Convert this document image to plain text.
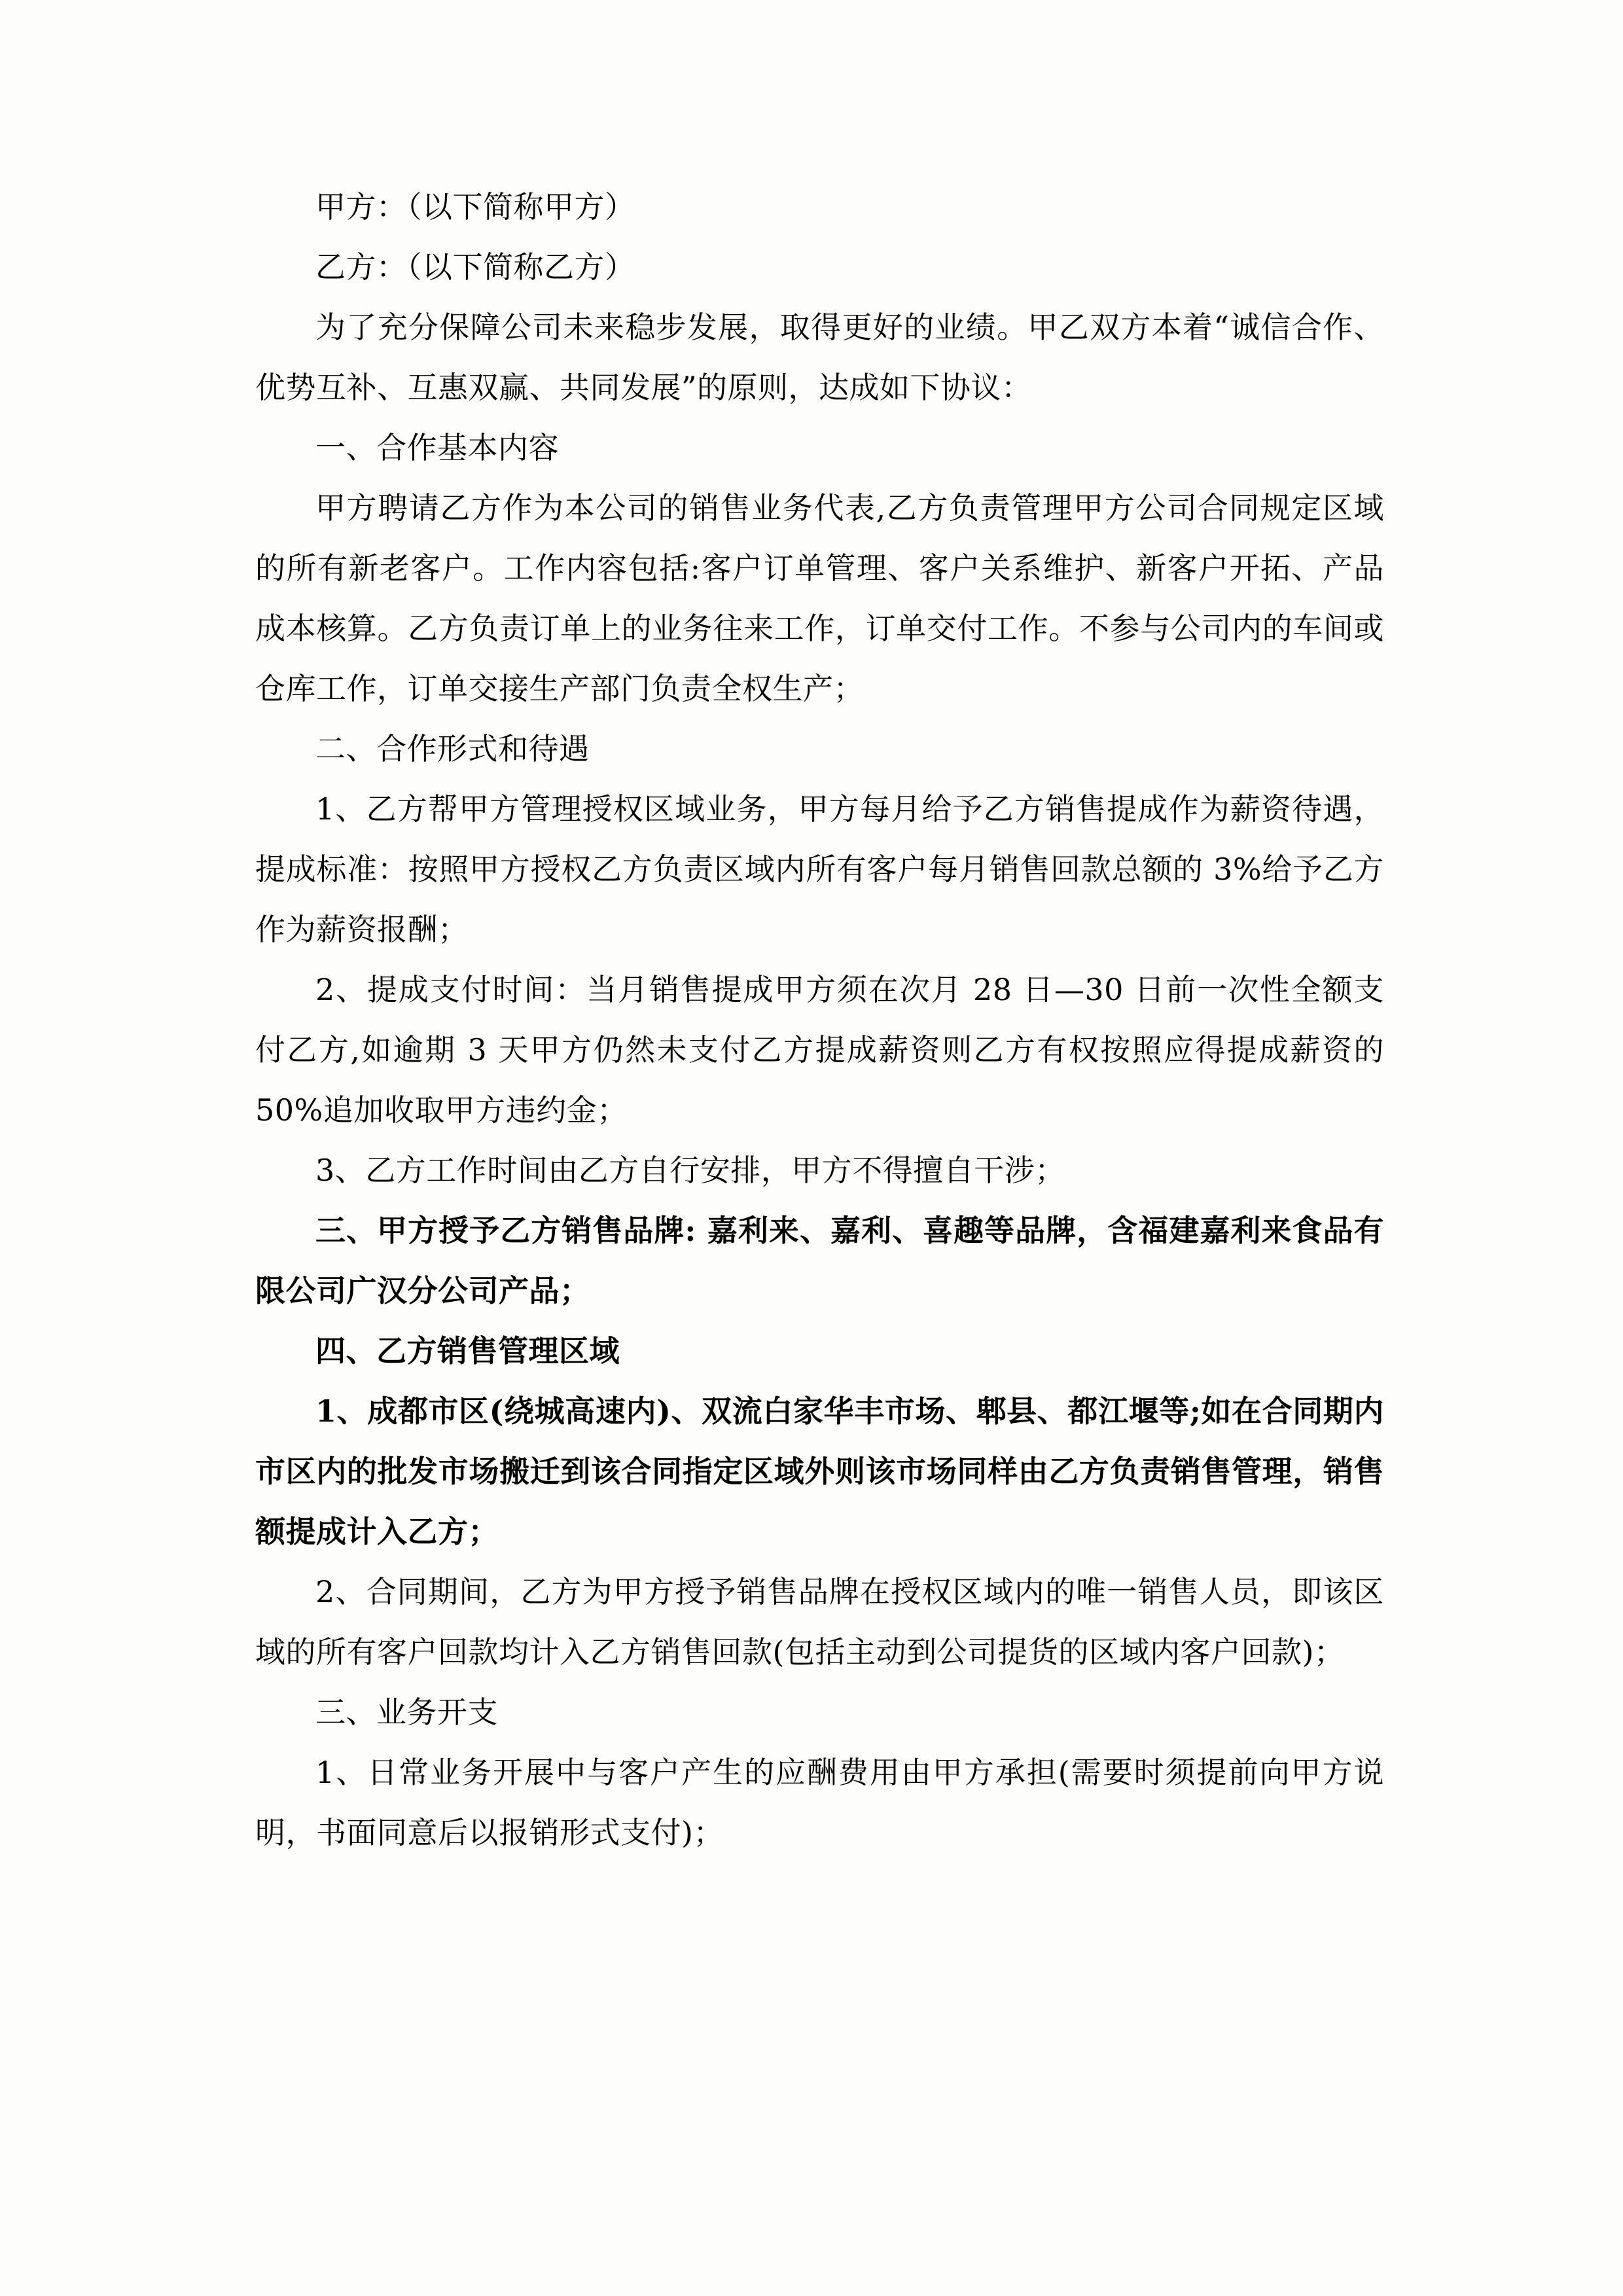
甲方：（以下简称甲方）

乙方：（以下简称乙方）

为了充分保障公司未来稳步发展，取得更好的业绩。甲乙双方本着“诚信合作、优势互补、互惠双赢、共同发展”的原则，达成如下协议：

一、合作基本内容

甲方聘请乙方作为本公司的销售业务代表,乙方负责管理甲方公司合同规定区域的所有新老客户。工作内容包括:客户订单管理、客户关系维护、新客户开拓、产品成本核算。乙方负责订单上的业务往来工作，订单交付工作。不参与公司内的车间或仓库工作，订单交接生产部门负责全权生产；

二、合作形式和待遇

1、乙方帮甲方管理授权区域业务，甲方每月给予乙方销售提成作为薪资待遇，提成标准：按照甲方授权乙方负责区域内所有客户每月销售回款总额的 3%给予乙方作为薪资报酬；

2、提成支付时间：当月销售提成甲方须在次月 28 日—30 日前一次性全额支付乙方,如逾期 3 天甲方仍然未支付乙方提成薪资则乙方有权按照应得提成薪资的 50%追加收取甲方违约金；

3、乙方工作时间由乙方自行安排，甲方不得擅自干涉；

三、甲方授予乙方销售品牌: 嘉利来、嘉利、喜趣等品牌，含福建嘉利来食品有限公司广汉分公司产品；

四、乙方销售管理区域

1、成都市区(绕城高速内)、双流白家华丰市场、郫县、都江堰等;如在合同期内市区内的批发市场搬迁到该合同指定区域外则该市场同样由乙方负责销售管理，销售额提成计入乙方；

2、合同期间，乙方为甲方授予销售品牌在授权区域内的唯一销售人员，即该区域的所有客户回款均计入乙方销售回款(包括主动到公司提货的区域内客户回款)；

三、业务开支

1、日常业务开展中与客户产生的应酬费用由甲方承担(需要时须提前向甲方说明，书面同意后以报销形式支付)；
